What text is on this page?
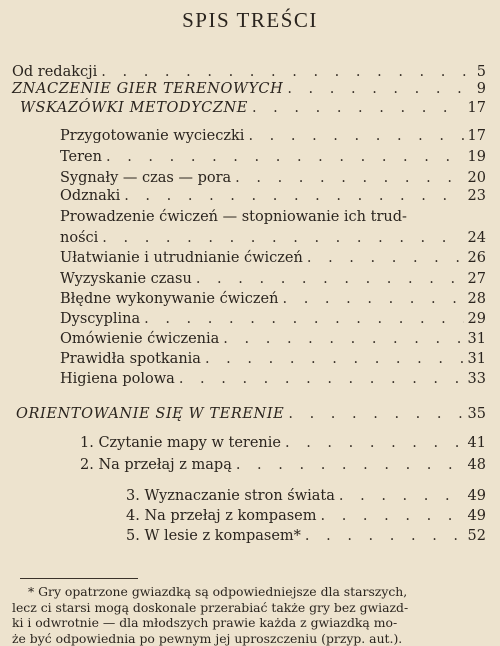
SPIS TREŚCI
Od redakcji . . .	5
ZNACZENIE GIER TERENOWYCH . . .	9
WSKAZÓWKI METODYCZNE . . .	17
Przygotowanie wycieczki . . .	17
Teren . . .	19
Sygnały — czas — pora . . .	20
Odznaki . . .	23
Prowadzenie ćwiczeń — stopniowanie ich trud-
ności . . .	24
Ułatwianie i utrudnianie ćwiczeń . . .	26
Wyzyskanie czasu . . .	27
Błędne wykonywanie ćwiczeń . . .	28
Dyscyplina . . .	29
Omówienie ćwiczenia . . .	31
Prawidła spotkania . . .	31
Higiena polowa . . .	33
ORIENTOWANIE SIĘ W TERENIE . . .	35
1. Czytanie mapy w terenie . . .	41
2. Na przełaj z mapą . . .	48
3. Wyznaczanie stron świata . . .	49
4. Na przełaj z kompasem . . .	49
5. W lesie z kompasem* . . .	52
* Gry opatrzone gwiazdką są odpowiedniejsze dla starszych,
lecz ci starsi mogą doskonale przerabiać także gry bez gwiazd-
ki i odwrotnie — dla młodszych prawie każda z gwiazdką mo-
że być odpowiednia po pewnym jej uproszczeniu (przyp. aut.).
